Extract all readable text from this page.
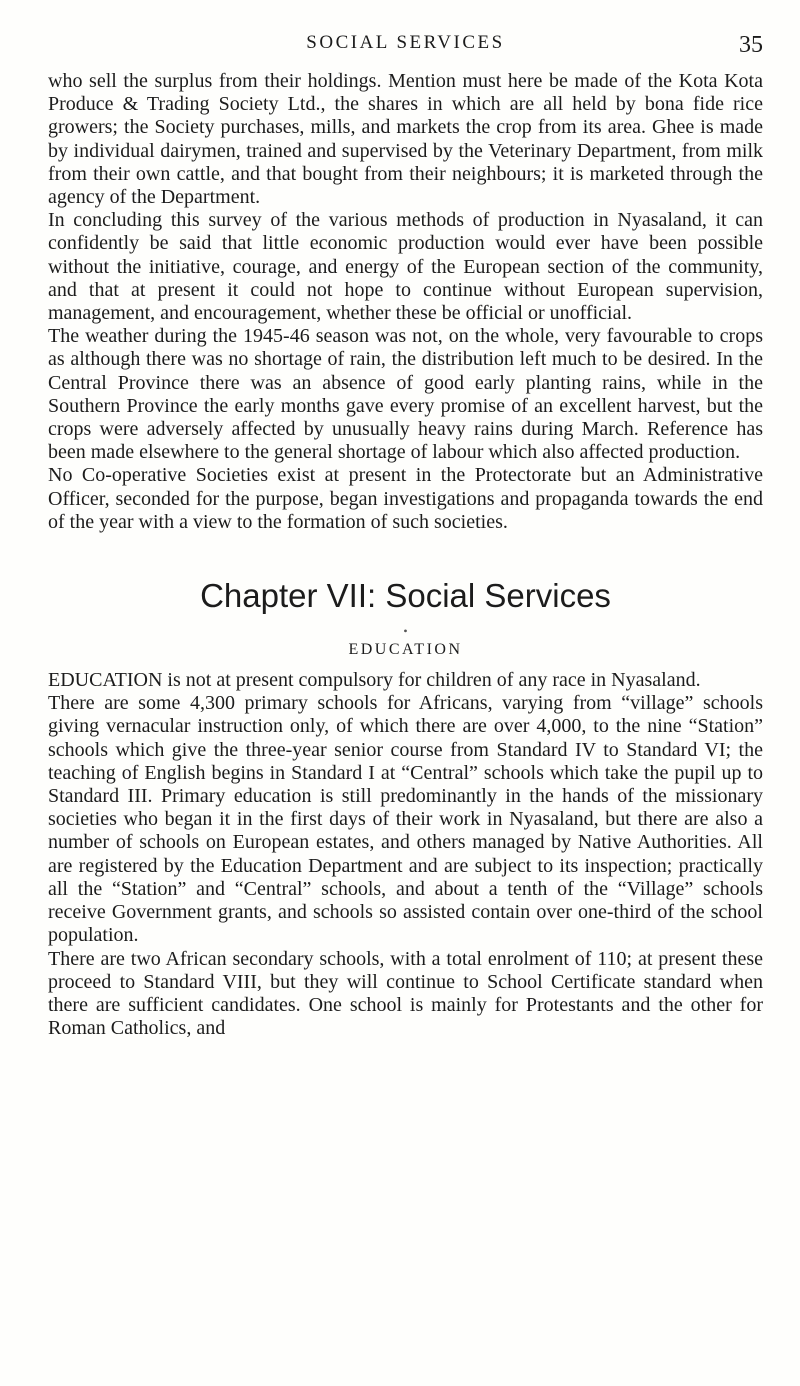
SOCIAL SERVICES	35

who sell the surplus from their holdings. Mention must here be made of the Kota Kota Produce & Trading Society Ltd., the shares in which are all held by bona fide rice growers; the Society purchases, mills, and markets the crop from its area. Ghee is made by individual dairymen, trained and supervised by the Veterinary Department, from milk from their own cattle, and that bought from their neighbours; it is marketed through the agency of the Department.

In concluding this survey of the various methods of production in Nyasaland, it can confidently be said that little economic production would ever have been possible without the initiative, courage, and energy of the European section of the community, and that at present it could not hope to continue without European supervision, management, and encouragement, whether these be official or unofficial.

The weather during the 1945-46 season was not, on the whole, very favourable to crops as although there was no shortage of rain, the distribution left much to be desired. In the Central Province there was an absence of good early planting rains, while in the Southern Province the early months gave every promise of an excellent harvest, but the crops were adversely affected by unusually heavy rains during March. Reference has been made elsewhere to the general shortage of labour which also affected production.

No Co-operative Societies exist at present in the Protectorate but an Administrative Officer, seconded for the purpose, began investigations and propaganda towards the end of the year with a view to the formation of such societies.

Chapter VII: Social Services
•
EDUCATION

EDUCATION is not at present compulsory for children of any race in Nyasaland.

There are some 4,300 primary schools for Africans, varying from “village” schools giving vernacular instruction only, of which there are over 4,000, to the nine “Station” schools which give the three-year senior course from Standard IV to Standard VI; the teaching of English begins in Standard I at “Central” schools which take the pupil up to Standard III. Primary education is still predominantly in the hands of the missionary societies who began it in the first days of their work in Nyasaland, but there are also a number of schools on European estates, and others managed by Native Authorities. All are registered by the Education Department and are subject to its inspection; practically all the “Station” and “Central” schools, and about a tenth of the “Village” schools receive Government grants, and schools so assisted contain over one-third of the school population.

There are two African secondary schools, with a total enrolment of 110; at present these proceed to Standard VIII, but they will continue to School Certificate standard when there are sufficient candidates. One school is mainly for Protestants and the other for Roman Catholics, and
